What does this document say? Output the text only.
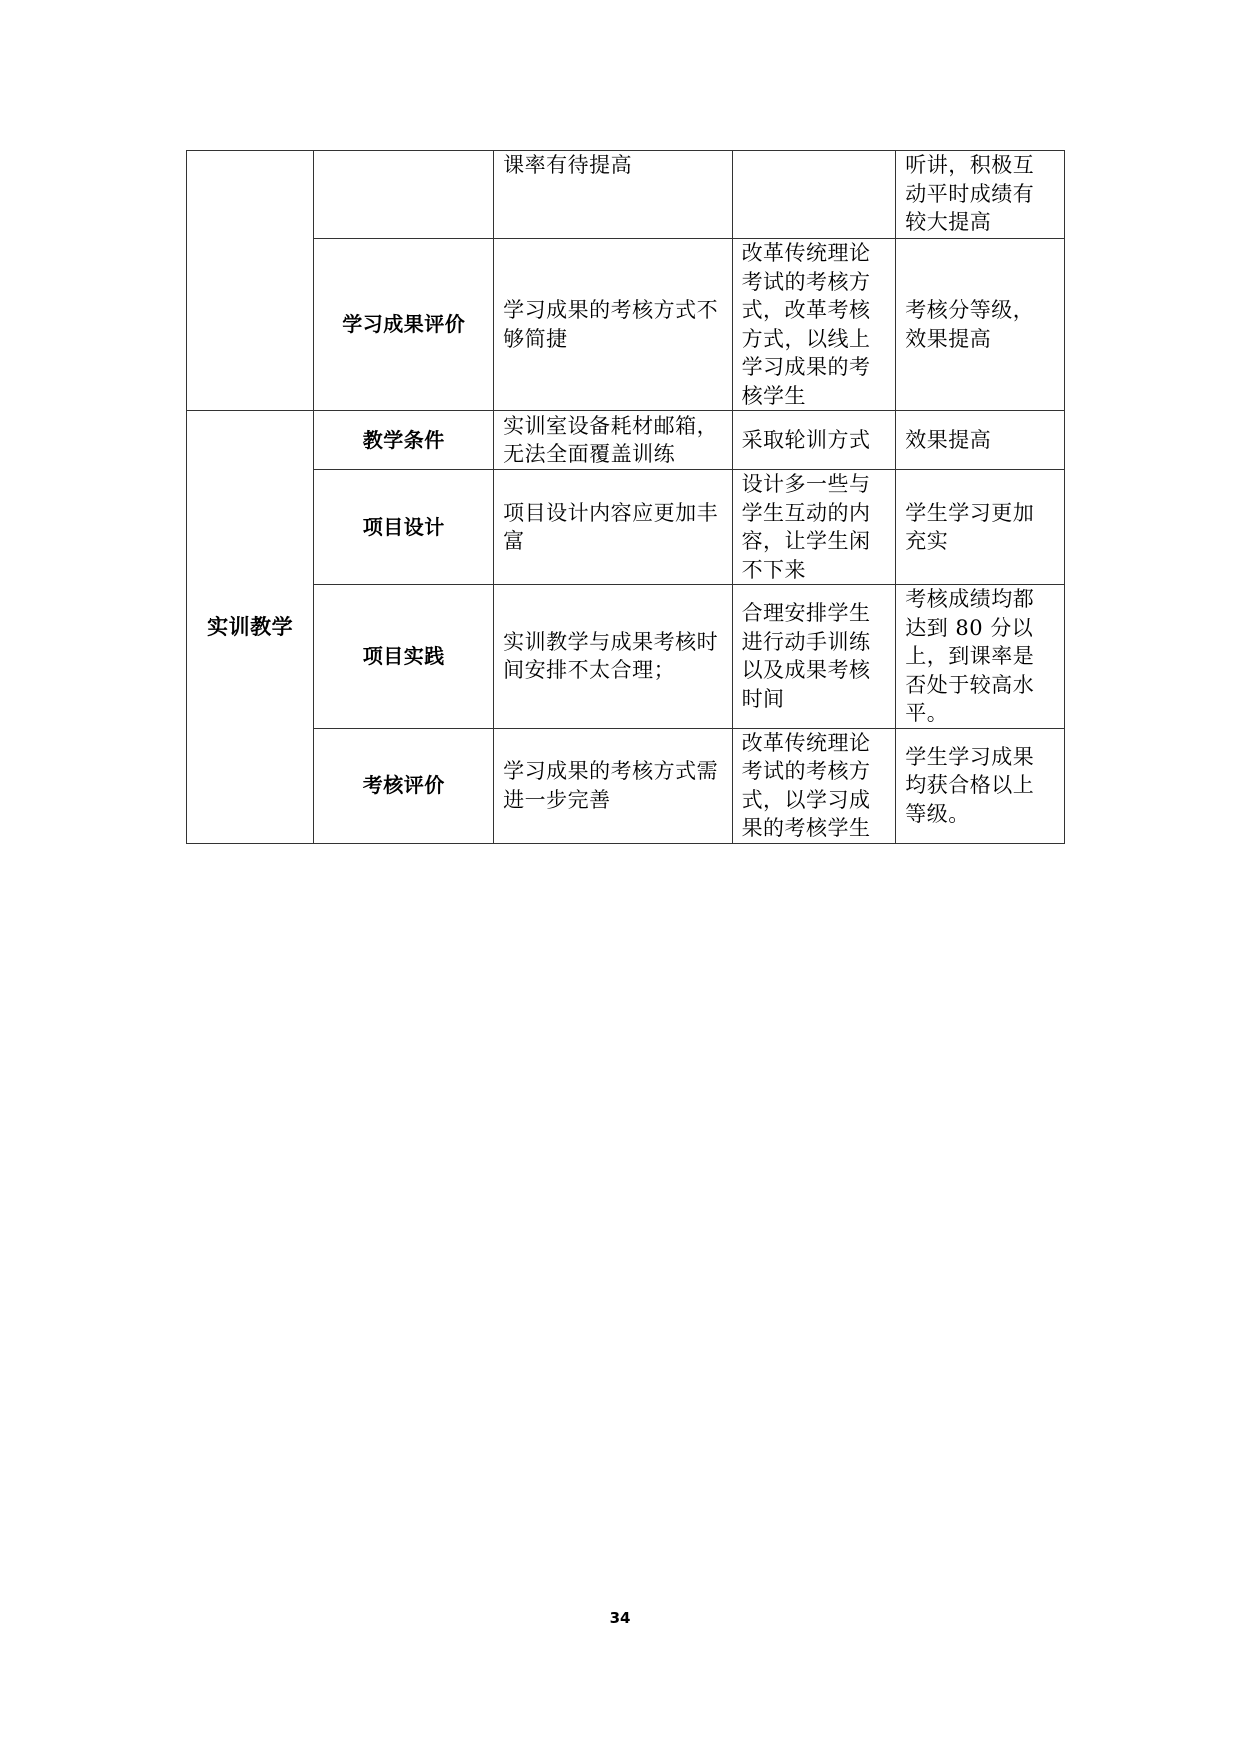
		课率有待提高		听讲，积极互动平时成绩有较大提高
	学习成果评价	学习成果的考核方式不够简捷	改革传统理论考试的考核方式，改革考核方式，以线上学习成果的考核学生	考核分等级，效果提高
实训教学	教学条件	实训室设备耗材邮箱，无法全面覆盖训练	采取轮训方式	效果提高
	项目设计	项目设计内容应更加丰富	设计多一些与学生互动的内容，让学生闲不下来	学生学习更加充实
	项目实践	实训教学与成果考核时间安排不太合理；	合理安排学生进行动手训练以及成果考核时间	考核成绩均都达到 80 分以上，到课率是否处于较高水平。
	考核评价	学习成果的考核方式需进一步完善	改革传统理论考试的考核方式，以学习成果的考核学生	学生学习成果均获合格以上等级。
34
